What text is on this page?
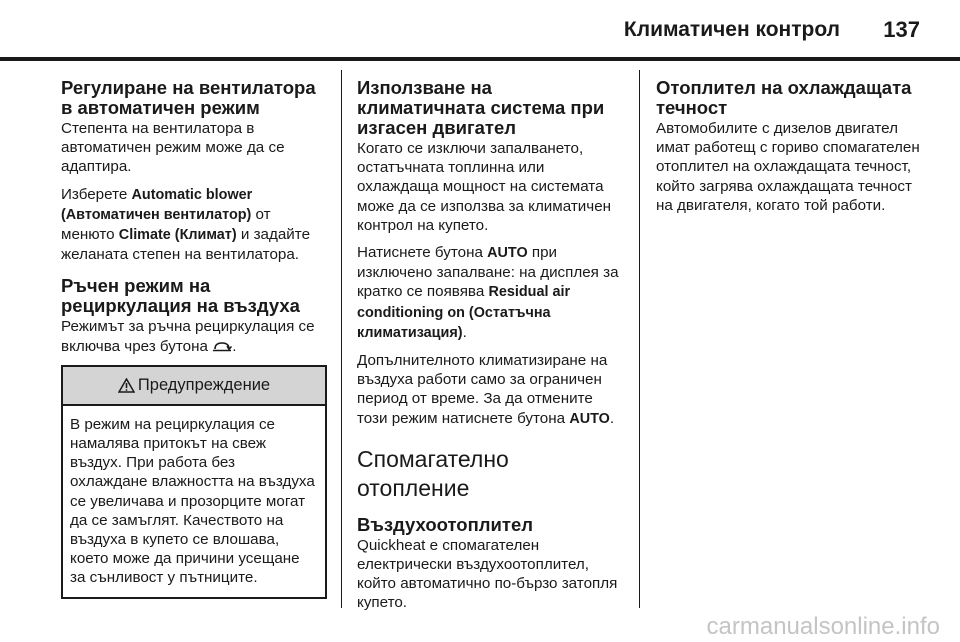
Климатичен контрол 137
Регулиране на вентилатора в автоматичен режим

Степента на вентилатора в автоматичен режим може да се адаптира.

Изберете Automatic blower (Автоматичен вентилатор) от менюто Climate (Климат) и задайте желаната степен на вентилатора.

Ръчен режим на рециркулация на въздуха

Режимът за ръчна рециркулация се включва чрез бутона .

Предупреждение
В режим на рециркулация се намалява притокът на свеж въздух. При работа без охлаждане влажността на въздуха се увеличава и прозорците могат да се замъглят. Качеството на въздуха в купето се влошава, което може да причини усещане за сънливост у пътниците.
Използване на климатичната система при изгасен двигател

Когато се изключи запалването, остатъчната топлинна или охлаждаща мощност на системата може да се използва за климатичен контрол на купето.

Натиснете бутона AUTO при изключено запалване: на дисплея за кратко се появява Residual air conditioning on (Остатъчна климатизация).

Допълнителното климатизиране на въздуха работи само за ограничен период от време. За да отмените този режим натиснете бутона AUTO.

Спомагателно отопление
Въздухоотоплител

Quickheat е спомагателен електрически въздухоотоплител, който автоматично по-бързо затопля купето.

Отоплител на охлаждащата течност

Автомобилите с дизелов двигател имат работещ с гориво спомагателен отоплител на охлаждащата течност, който загрява охлаждащата течност на двигателя, когато той работи.

carmanualsonline.info
